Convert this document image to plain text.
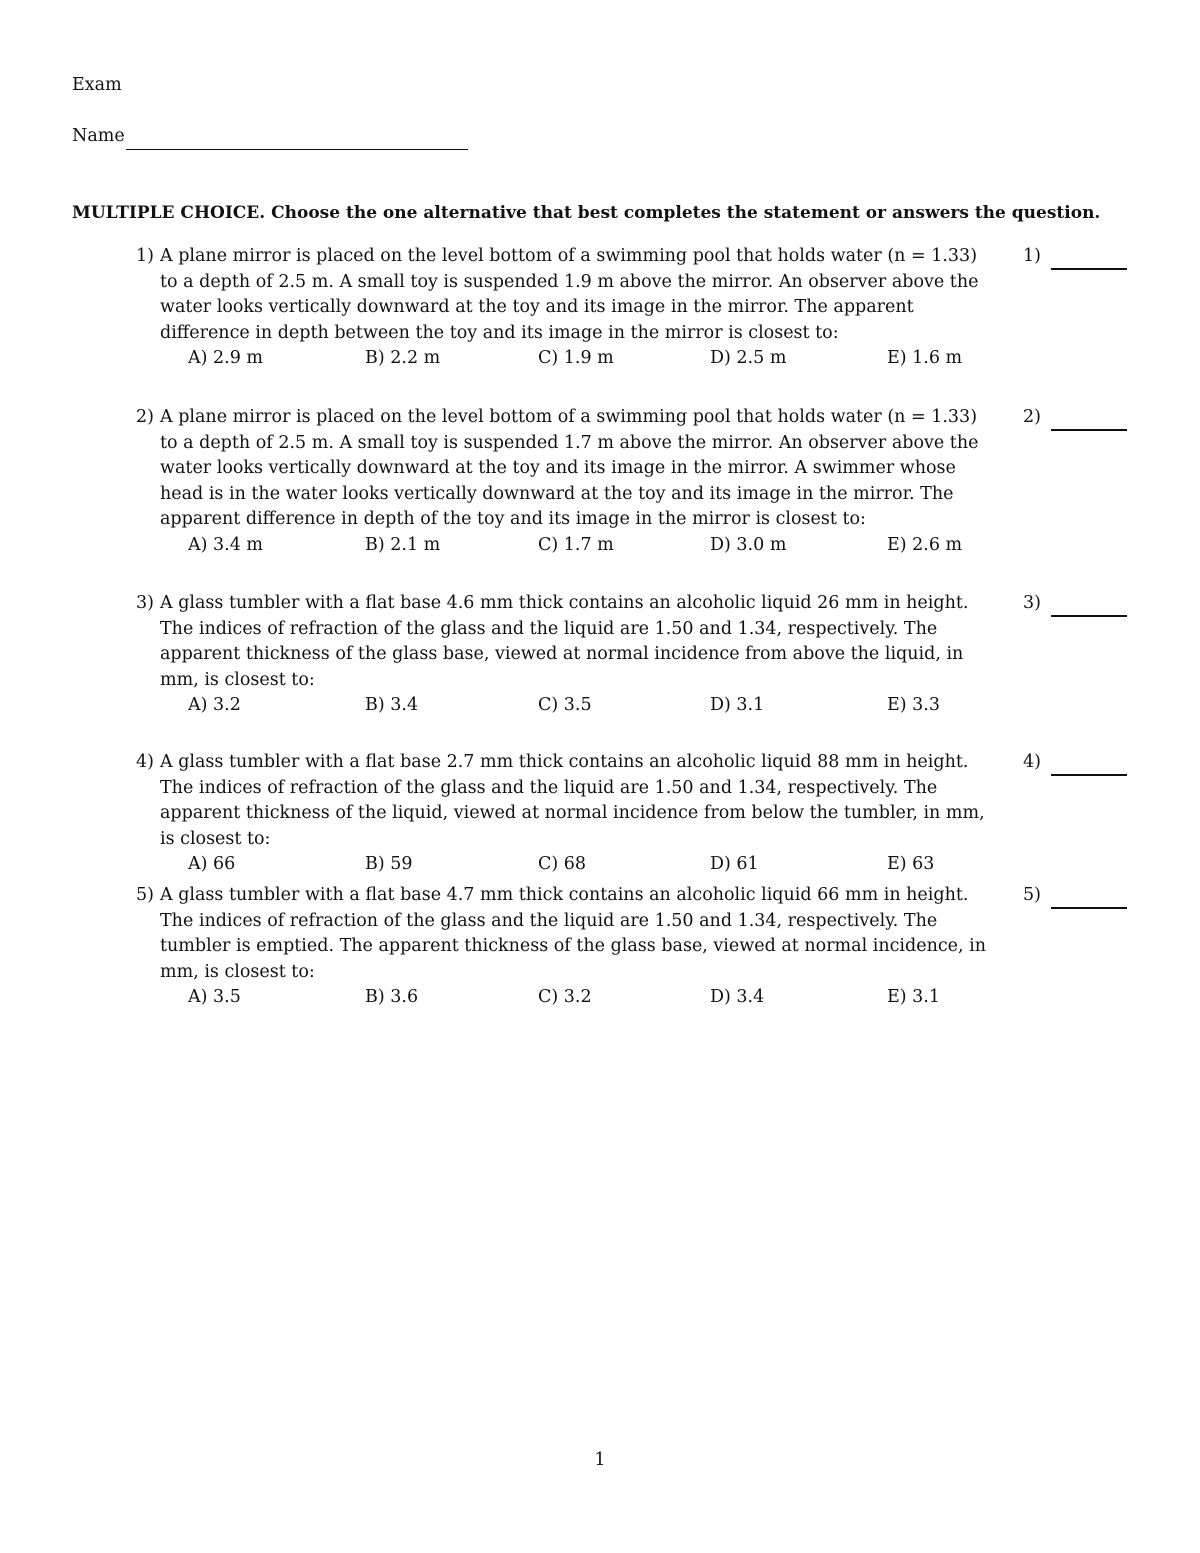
Exam
Name
MULTIPLE CHOICE. Choose the one alternative that best completes the statement or answers the question.
1) A plane mirror is placed on the level bottom of a swimming pool that holds water (n = 1.33) to a depth of 2.5 m. A small toy is suspended 1.9 m above the mirror. An observer above the water looks vertically downward at the toy and its image in the mirror. The apparent difference in depth between the toy and its image in the mirror is closest to:
A) 2.9 m	B) 2.2 m	C) 1.9 m	D) 2.5 m	E) 1.6 m
1)
2) A plane mirror is placed on the level bottom of a swimming pool that holds water (n = 1.33) to a depth of 2.5 m. A small toy is suspended 1.7 m above the mirror. An observer above the water looks vertically downward at the toy and its image in the mirror. A swimmer whose head is in the water looks vertically downward at the toy and its image in the mirror. The apparent difference in depth of the toy and its image in the mirror is closest to:
A) 3.4 m	B) 2.1 m	C) 1.7 m	D) 3.0 m	E) 2.6 m
2)
3) A glass tumbler with a flat base 4.6 mm thick contains an alcoholic liquid 26 mm in height. The indices of refraction of the glass and the liquid are 1.50 and 1.34, respectively. The apparent thickness of the glass base, viewed at normal incidence from above the liquid, in mm, is closest to:
A) 3.2	B) 3.4	C) 3.5	D) 3.1	E) 3.3
3)
4) A glass tumbler with a flat base 2.7 mm thick contains an alcoholic liquid 88 mm in height. The indices of refraction of the glass and the liquid are 1.50 and 1.34, respectively. The apparent thickness of the liquid, viewed at normal incidence from below the tumbler, in mm, is closest to:
A) 66	B) 59	C) 68	D) 61	E) 63
4)
5) A glass tumbler with a flat base 4.7 mm thick contains an alcoholic liquid 66 mm in height. The indices of refraction of the glass and the liquid are 1.50 and 1.34, respectively. The tumbler is emptied. The apparent thickness of the glass base, viewed at normal incidence, in mm, is closest to:
A) 3.5	B) 3.6	C) 3.2	D) 3.4	E) 3.1
5)
1
